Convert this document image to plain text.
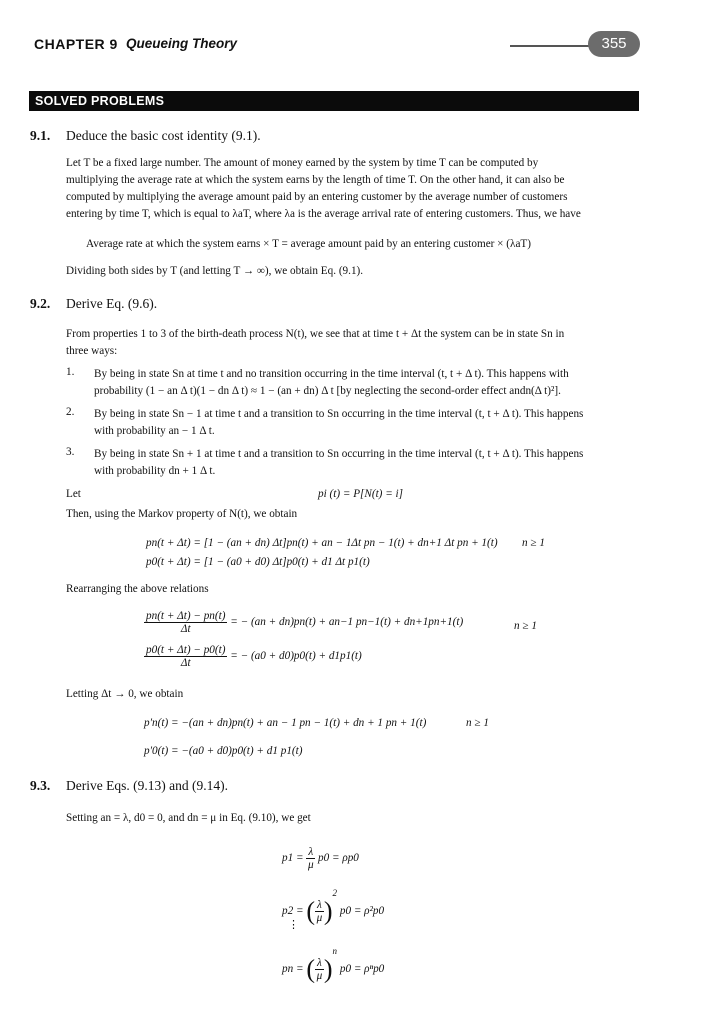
CHAPTER 9 Queueing Theory	355
SOLVED PROBLEMS
9.1. Deduce the basic cost identity (9.1).
Let T be a fixed large number. The amount of money earned by the system by time T can be computed by
multiplying the average rate at which the system earns by the length of time T. On the other hand, it can also be
computed by multiplying the average amount paid by an entering customer by the average number of customers
entering by time T, which is equal to λaT, where λa is the average arrival rate of entering customers. Thus, we have
Average rate at which the system earns × T = average amount paid by an entering customer × (λaT)
Dividing both sides by T (and letting T → ∞), we obtain Eq. (9.1).
9.2. Derive Eq. (9.6).
From properties 1 to 3 of the birth-death process N(t), we see that at time t + Δt the system can be in state Sn in
three ways:
1. By being in state Sn at time t and no transition occurring in the time interval (t, t + Δ t). This happens with
probability (1 − an Δ t)(1 − dn Δ t) ≈ 1 − (an + dn) Δ t [by neglecting the second-order effect andn(Δ t)²].
2. By being in state Sn − 1 at time t and a transition to Sn occurring in the time interval (t, t + Δ t). This happens
with probability an − 1 Δ t.
3. By being in state Sn + 1 at time t and a transition to Sn occurring in the time interval (t, t + Δ t). This happens
with probability dn + 1 Δ t.
Let	pi (t) = P[N(t) = i]
Then, using the Markov property of N(t), we obtain
pn(t + Δt) = [1 − (an + dn) Δt]pn(t) + an − 1Δt pn − 1(t) + dn+1 Δt pn + 1(t) n ≥ 1
p0(t + Δt) = [1 − (a0 + d0) Δt]p0(t) + d1 Δt p1(t)
Rearranging the above relations
$\frac{pn(t + \Delta t) - pn(t)}{\Delta t}$ = − (an + dn)pn(t) + an−1 pn−1(t) + dn+1pn+1(t)	n ≥ 1
$\frac{p0(t + \Delta t) - p0(t)}{\Delta t}$ = − (a0 + d0)p0(t) + d1p1(t)
Letting Δt → 0, we obtain
p′n(t) = −(an + dn)pn(t) + an − 1 pn − 1(t) + dn + 1 pn + 1(t)	n ≥ 1
p′0(t) = −(a0 + d0)p0(t) + d1 p1(t)
9.3. Derive Eqs. (9.13) and (9.14).
Setting an = λ, d0 = 0, and dn = μ in Eq. (9.10), we get
$p1 = \frac{\lambda}{\mu} p0 = \rho p0$
p2 = ( $\frac{\lambda}{\mu} )^2$ p0 = ρ²p0
⋮
pn = ( $\frac{\lambda}{\mu} )^n$ p0 = ρⁿp0
